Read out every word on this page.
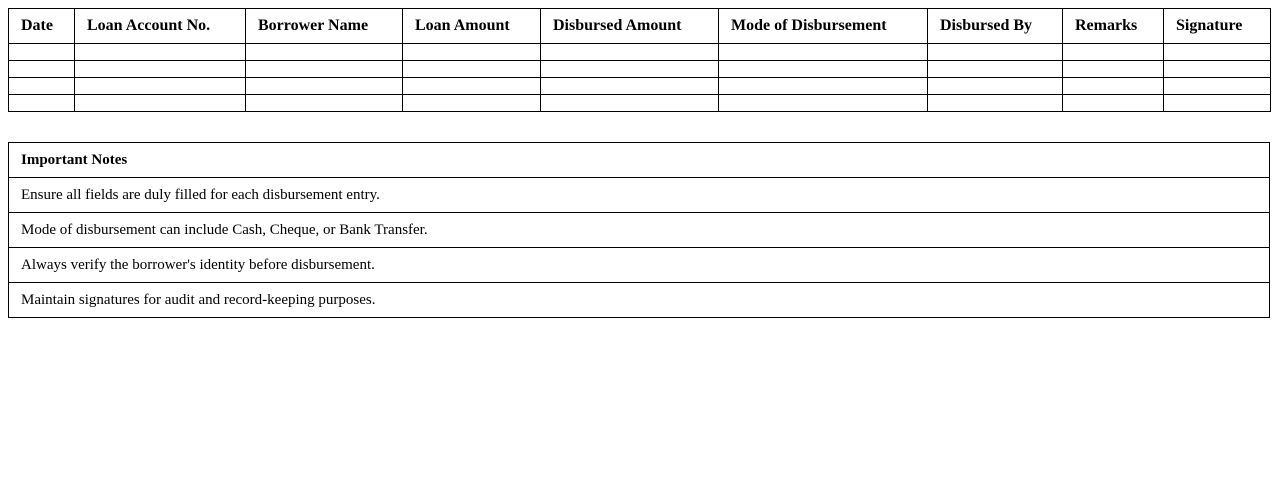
Date	Loan Account No.	Borrower Name	Loan Amount	Disbursed Amount	Mode of Disbursement	Disbursed By	Remarks	Signature

Important Notes
Ensure all fields are duly filled for each disbursement entry.
Mode of disbursement can include Cash, Cheque, or Bank Transfer.
Always verify the borrower's identity before disbursement.
Maintain signatures for audit and record-keeping purposes.
